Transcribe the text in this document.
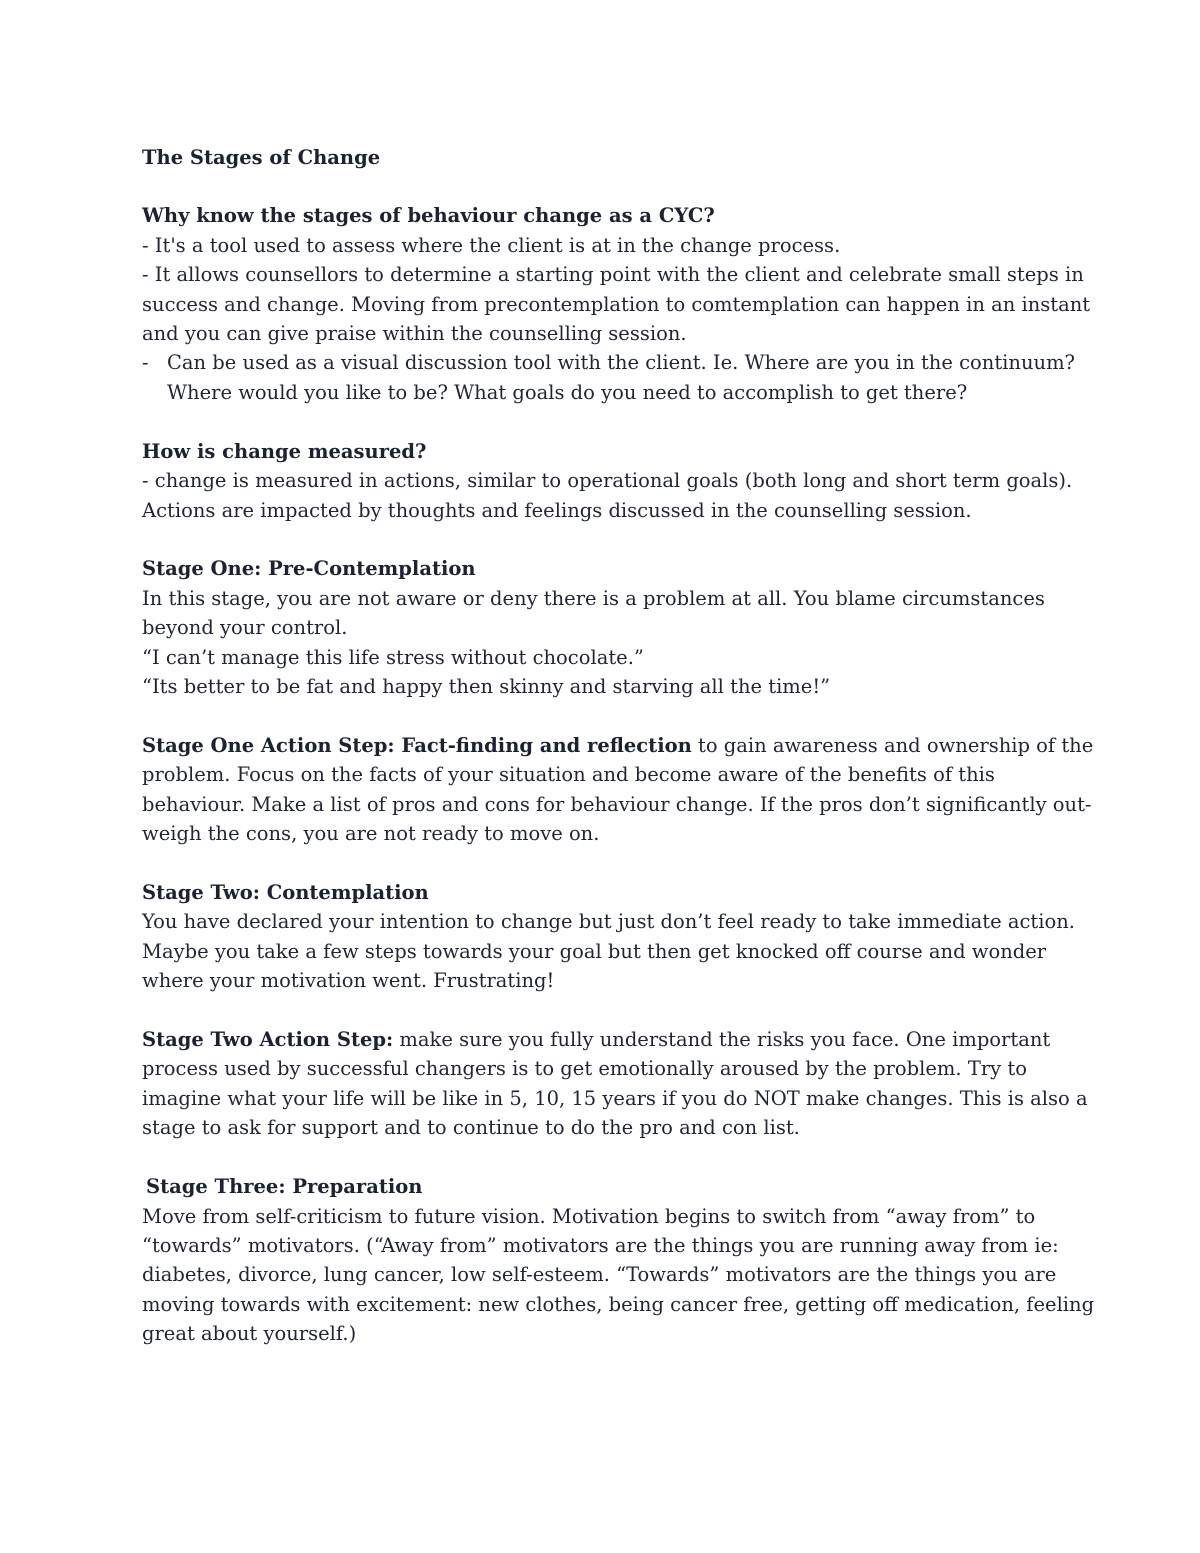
The Stages of Change
Why know the stages of behaviour change as a CYC?
- It's a tool used to assess where the client is at in the change process.
- It allows counsellors to determine a starting point with the client and celebrate small steps in
success and change. Moving from precontemplation to comtemplation can happen in an instant
and you can give praise within the counselling session.
- Can be used as a visual discussion tool with the client. Ie. Where are you in the continuum?
Where would you like to be? What goals do you need to accomplish to get there?
How is change measured?
- change is measured in actions, similar to operational goals (both long and short term goals).
Actions are impacted by thoughts and feelings discussed in the counselling session.
Stage One: Pre-Contemplation
In this stage, you are not aware or deny there is a problem at all. You blame circumstances
beyond your control.
“I can’t manage this life stress without chocolate.”
“Its better to be fat and happy then skinny and starving all the time!”
Stage One Action Step: Fact-finding and reflection to gain awareness and ownership of the
problem. Focus on the facts of your situation and become aware of the benefits of this
behaviour. Make a list of pros and cons for behaviour change. If the pros don’t significantly out-
weigh the cons, you are not ready to move on.
Stage Two: Contemplation
You have declared your intention to change but just don’t feel ready to take immediate action.
Maybe you take a few steps towards your goal but then get knocked off course and wonder
where your motivation went. Frustrating!
Stage Two Action Step: make sure you fully understand the risks you face. One important
process used by successful changers is to get emotionally aroused by the problem. Try to
imagine what your life will be like in 5, 10, 15 years if you do NOT make changes. This is also a
stage to ask for support and to continue to do the pro and con list.
Stage Three: Preparation
Move from self-criticism to future vision. Motivation begins to switch from “away from” to
“towards” motivators. (“Away from” motivators are the things you are running away from ie:
diabetes, divorce, lung cancer, low self-esteem. “Towards” motivators are the things you are
moving towards with excitement: new clothes, being cancer free, getting off medication, feeling
great about yourself.)
